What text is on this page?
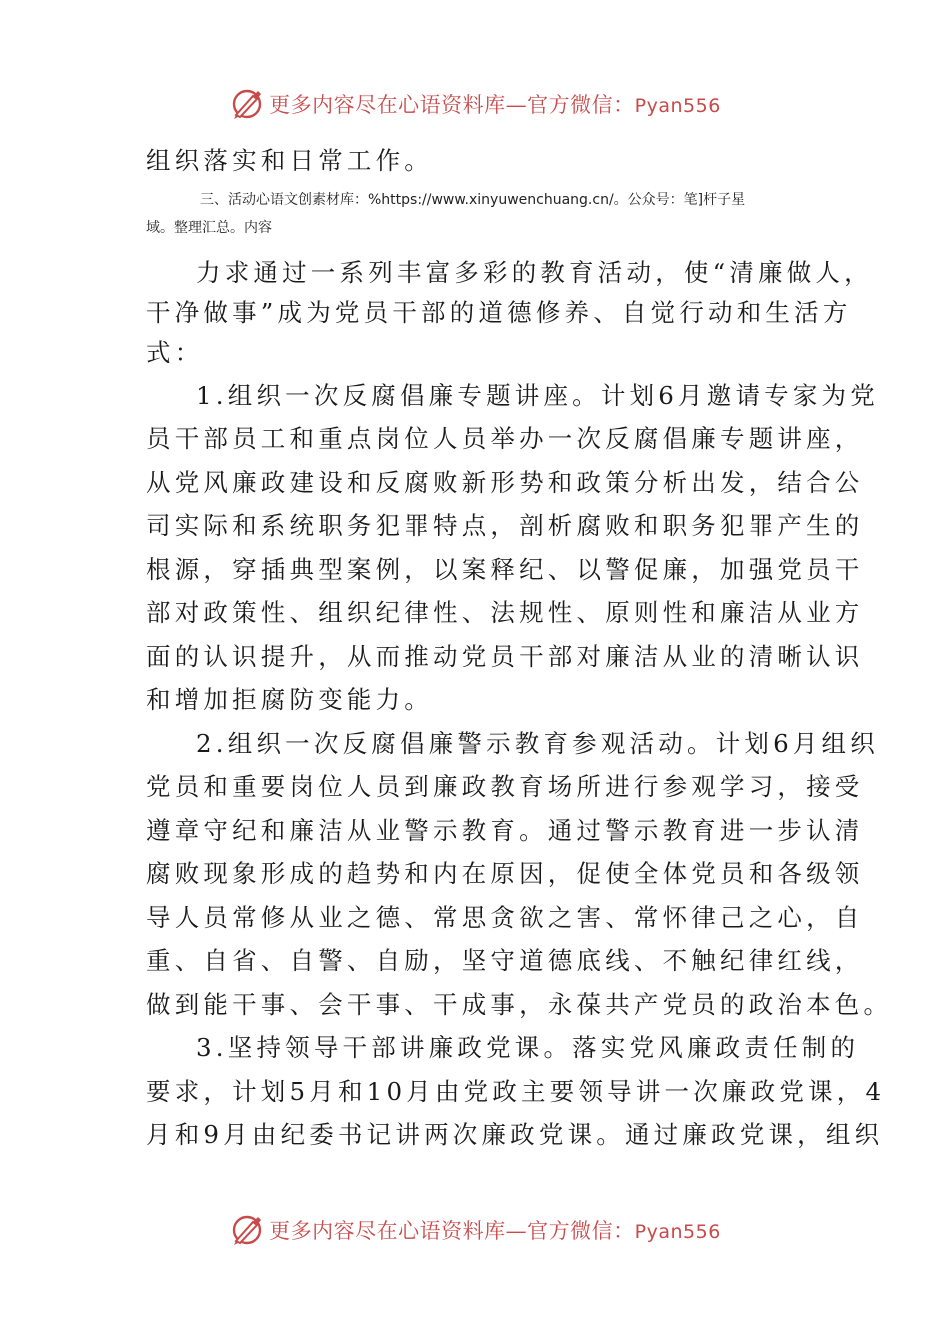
更多内容尽在心语资料库—官方微信：Pyan556
组织落实和日常工作。
三、活动心语文创素材库：%https://www.xinyuwenchuang.cn/。公众号：笔]杆子星
域。整理汇总。内容
力求通过一系列丰富多彩的教育活动，使“清廉做人，
干净做事”成为党员干部的道德修养、自觉行动和生活方
式：
1.组织一次反腐倡廉专题讲座。计划6月邀请专家为党
员干部员工和重点岗位人员举办一次反腐倡廉专题讲座，
从党风廉政建设和反腐败新形势和政策分析出发，结合公
司实际和系统职务犯罪特点，剖析腐败和职务犯罪产生的
根源，穿插典型案例，以案释纪、以警促廉，加强党员干
部对政策性、组织纪律性、法规性、原则性和廉洁从业方
面的认识提升，从而推动党员干部对廉洁从业的清晰认识
和增加拒腐防变能力。
2.组织一次反腐倡廉警示教育参观活动。计划6月组织
党员和重要岗位人员到廉政教育场所进行参观学习，接受
遵章守纪和廉洁从业警示教育。通过警示教育进一步认清
腐败现象形成的趋势和内在原因，促使全体党员和各级领
导人员常修从业之德、常思贪欲之害、常怀律己之心，自
重、自省、自警、自励，坚守道德底线、不触纪律红线，
做到能干事、会干事、干成事，永葆共产党员的政治本色。
3.坚持领导干部讲廉政党课。落实党风廉政责任制的
要求，计划5月和10月由党政主要领导讲一次廉政党课，4
月和9月由纪委书记讲两次廉政党课。通过廉政党课，组织
更多内容尽在心语资料库—官方微信：Pyan556
